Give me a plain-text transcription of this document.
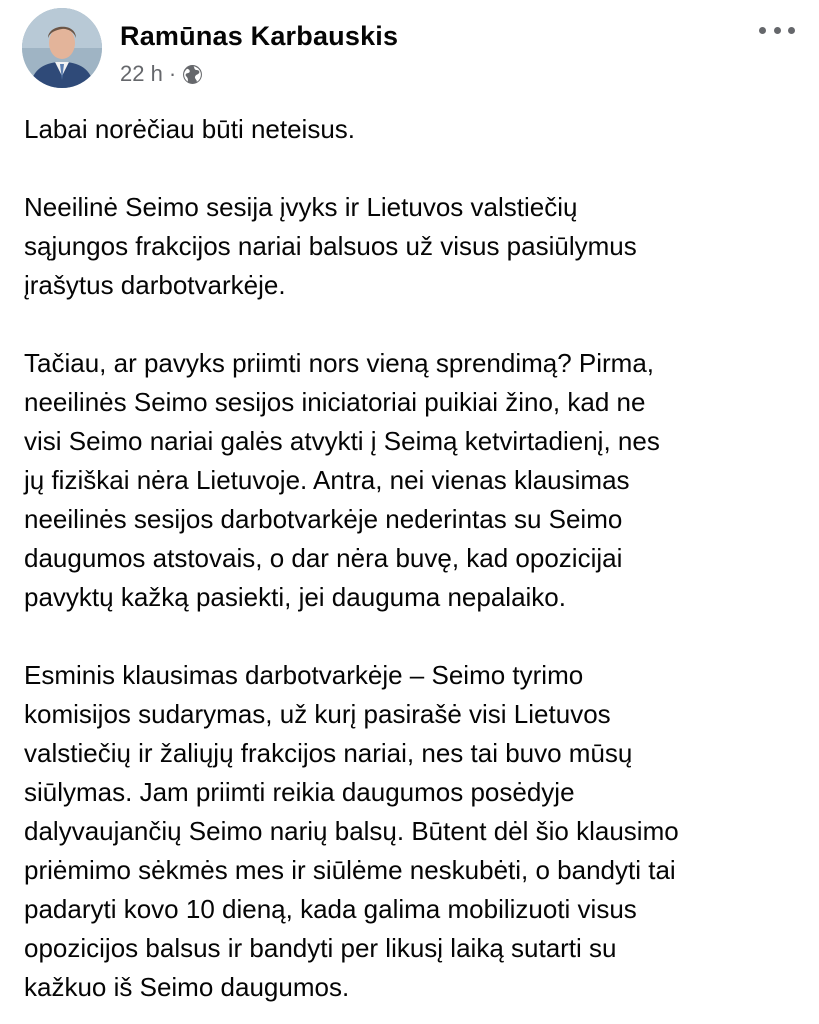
Ramūnas Karbauskis
22 h ·

Labai norėčiau būti neteisus.

Neeilinė Seimo sesija įvyks ir Lietuvos valstiečių
sąjungos frakcijos nariai balsuos už visus pasiūlymus
įrašytus darbotvarkėje.

Tačiau, ar pavyks priimti nors vieną sprendimą? Pirma,
neeilinės Seimo sesijos iniciatoriai puikiai žino, kad ne
visi Seimo nariai galės atvykti į Seimą ketvirtadienį, nes
jų fiziškai nėra Lietuvoje. Antra, nei vienas klausimas
neeilinės sesijos darbotvarkėje nederintas su Seimo
daugumos atstovais, o dar nėra buvę, kad opozicijai
pavyktų kažką pasiekti, jei dauguma nepalaiko.

Esminis klausimas darbotvarkėje – Seimo tyrimo
komisijos sudarymas, už kurį pasirašė visi Lietuvos
valstiečių ir žaliųjų frakcijos nariai, nes tai buvo mūsų
siūlymas. Jam priimti reikia daugumos posėdyje
dalyvaujančių Seimo narių balsų. Būtent dėl šio klausimo
priėmimo sėkmės mes ir siūlėme neskubėti, o bandyti tai
padaryti kovo 10 dieną, kada galima mobilizuoti visus
opozicijos balsus ir bandyti per likusį laiką sutarti su
kažkuo iš Seimo daugumos.
